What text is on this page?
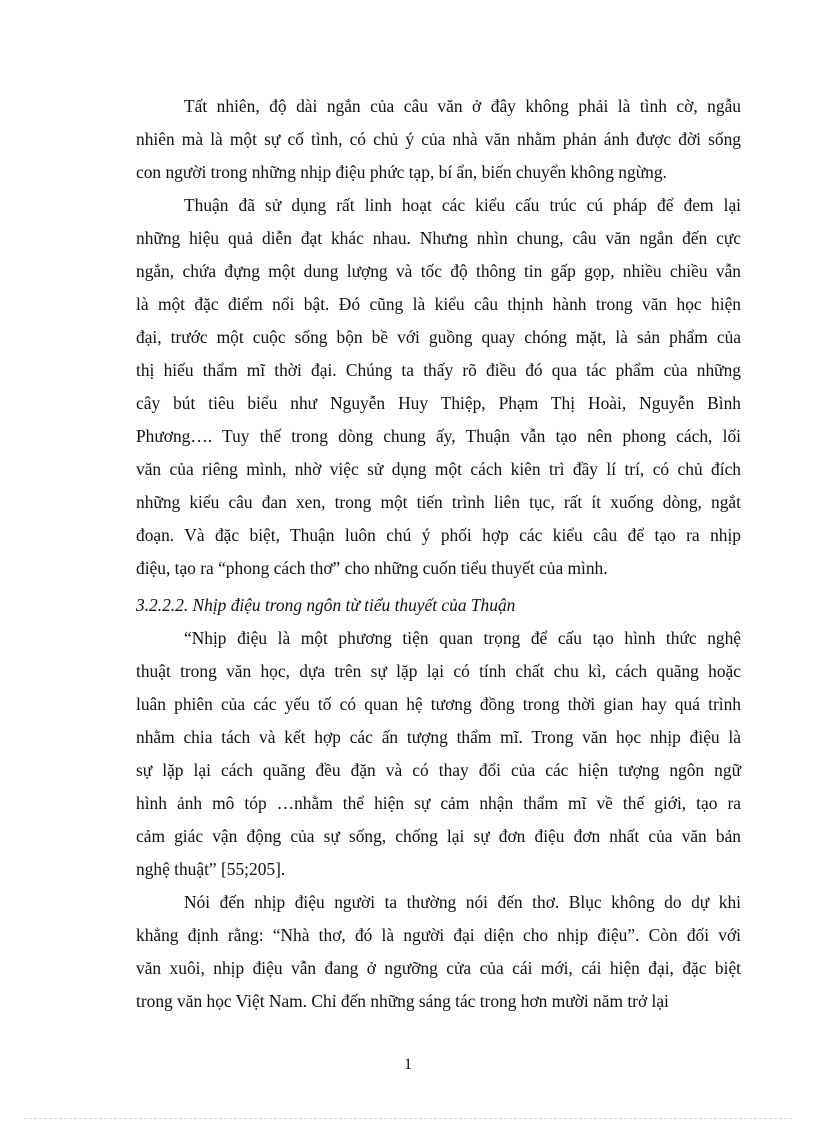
Tất nhiên, độ dài ngắn của câu văn ở đây không phải là tình cờ, ngẫu
nhiên mà là một sự cố tình, có chủ ý của nhà văn nhằm phản ánh được đời sống
con người trong những nhịp điệu phức tạp, bí ẩn, biến chuyển không ngừng.
Thuận đã sử dụng rất linh hoạt các kiểu cấu trúc cú pháp để đem lại
những hiệu quả diễn đạt khác nhau. Nhưng nhìn chung, câu văn ngắn đến cực
ngắn, chứa đựng một dung lượng và tốc độ thông tin gấp gọp, nhiều chiều vẫn
là một đặc điểm nổi bật. Đó cũng là kiểu câu thịnh hành trong văn học hiện
đại, trước một cuộc sống bộn bề với guồng quay chóng mặt, là sản phẩm của
thị hiếu thẩm mĩ thời đại. Chúng ta thấy rõ điều đó qua tác phẩm của những
cây bút tiêu biểu như Nguyễn Huy Thiệp, Phạm Thị Hoài, Nguyễn Bình
Phương…. Tuy thế trong dòng chung ấy, Thuận vẫn tạo nên phong cách, lối
văn của riêng mình, nhờ việc sử dụng một cách kiên trì đầy lí trí, có chủ đích
những kiểu câu đan xen, trong một tiến trình liên tục, rất ít xuống dòng, ngắt
đoạn. Và đặc biệt, Thuận luôn chú ý phối hợp các kiểu câu để tạo ra nhịp
điệu, tạo ra “phong cách thơ” cho những cuốn tiểu thuyết của mình.
3.2.2.2. Nhịp điệu trong ngôn từ tiểu thuyết của Thuận
“Nhịp điệu là một phương tiện quan trọng để cấu tạo hình thức nghệ
thuật trong văn học, dựa trên sự lặp lại có tính chất chu kì, cách quãng hoặc
luân phiên của các yếu tố có quan hệ tương đồng trong thời gian hay quá trình
nhằm chia tách và kết hợp các ấn tượng thẩm mĩ. Trong văn học nhịp điệu là
sự lặp lại cách quãng đều đặn và có thay đổi của các hiện tượng ngôn ngữ
hình ảnh mô tóp …nhằm thể hiện sự cảm nhận thẩm mĩ về thế giới, tạo ra
cảm giác vận động của sự sống, chống lại sự đơn điệu đơn nhất của văn bản
nghệ thuật” [55;205].
Nói đến nhịp điệu người ta thường nói đến thơ. Blục không do dự khi
khẳng định rằng: “Nhà thơ, đó là người đại diện cho nhịp điệu”. Còn đối với
văn xuôi, nhịp điệu vẫn đang ở ngưỡng cửa của cái mới, cái hiện đại, đặc biệt
trong văn học Việt Nam. Chỉ đến những sáng tác trong hơn mười năm trở lại
1
